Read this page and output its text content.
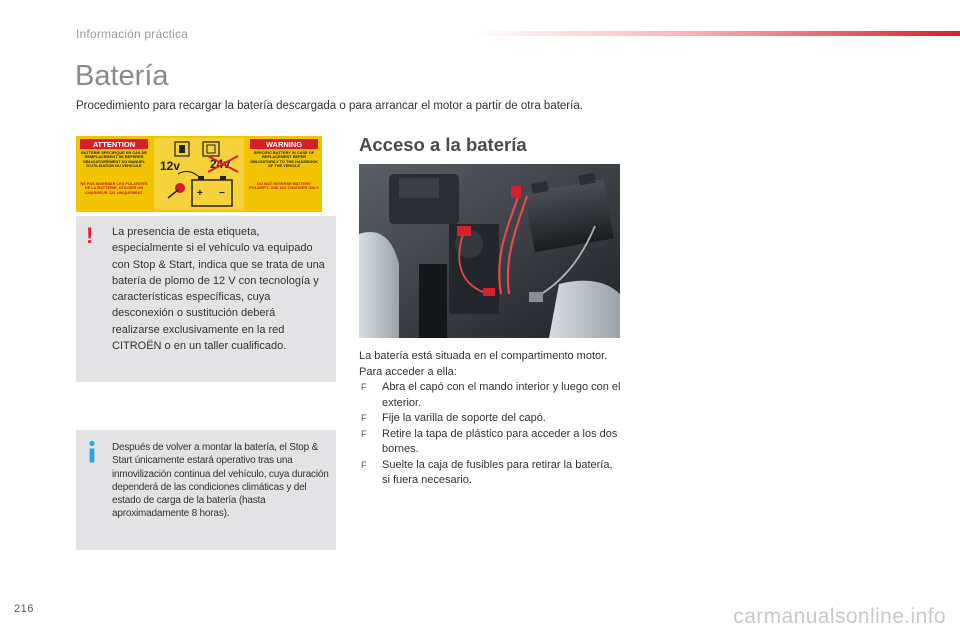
Información práctica
Batería
Procedimiento para recargar la batería descargada o para arrancar el motor a partir de otra batería.
ATTENTION	WARNING
BATTERIE SPECIFIQUE EN CAS DE REMPLACEMENT SE REFERER OBLIGATOIREMENT AU MANUEL D'UTILISATION DU VEHICULE
NE PAS INVERSER LES POLARITES DE LA BATTERIE, UTILISER UN CHARGEUR 12V UNIQUEMENT
SPECIFIC BATTERY IN CASE OF REPLACEMENT REFER OBLIGATORILY TO THE HANDBOOK OF THE VEHICLE
DO NOT REVERSE BATTERY POLARITY, USE 12V CHARGER ONLY
12v 24v
+ −
! La presencia de esta etiqueta, especialmente si el vehículo va equipado con Stop & Start, indica que se trata de una batería de plomo de 12 V con tecnología y características específicas, cuya desconexión o sustitución deberá realizarse exclusivamente en la red CITROËN o en un taller cualificado.
Después de volver a montar la batería, el Stop & Start únicamente estará operativo tras una inmovilización continua del vehículo, cuya duración dependerá de las condiciones climáticas y del estado de carga de la batería (hasta aproximadamente 8 horas).
Acceso a la batería

La batería está situada en el compartimento motor.

Para acceder a ella:

F Abra el capó con el mando interior y luego con el exterior.
F Fije la varilla de soporte del capó.
F Retire la tapa de plástico para acceder a los dos bornes.
F Suelte la caja de fusibles para retirar la batería, si fuera necesario.
216	carmanualsonline.info
